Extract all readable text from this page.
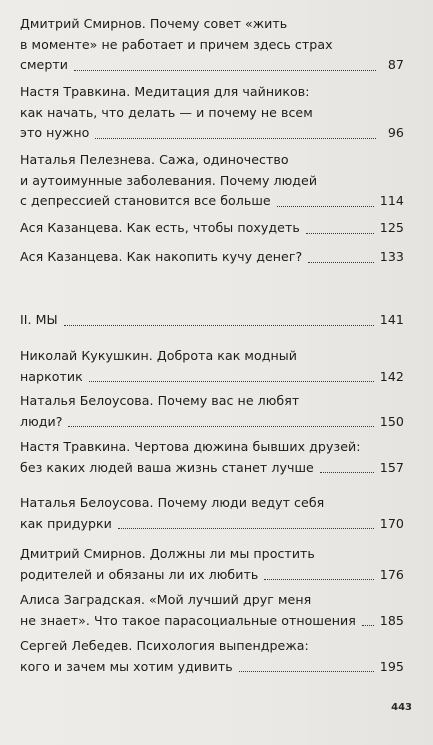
Дмитрий Смирнов. Почему совет «жить
в моменте» не работает и причем здесь страх
смерти	87
Настя Травкина. Медитация для чайников:
как начать, что делать — и почему не всем
это нужно	96
Наталья Пелезнева. Сажа, одиночество
и аутоимунные заболевания. Почему людей
с депрессией становится все больше	114
Ася Казанцева. Как есть, чтобы похудеть	125
Ася Казанцева. Как накопить кучу денег?	133
II. МЫ	141
Николай Кукушкин. Доброта как модный
наркотик	142
Наталья Белоусова. Почему вас не любят
люди?	150
Настя Травкина. Чертова дюжина бывших друзей:
без каких людей ваша жизнь станет лучше	157
Наталья Белоусова. Почему люди ведут себя
как придурки	170
Дмитрий Смирнов. Должны ли мы простить
родителей и обязаны ли их любить	176
Алиса Заградская. «Мой лучший друг меня
не знает». Что такое парасоциальные отношения 185
Сергей Лебедев. Психология выпендрежа:
кого и зачем мы хотим удивить	195
443
